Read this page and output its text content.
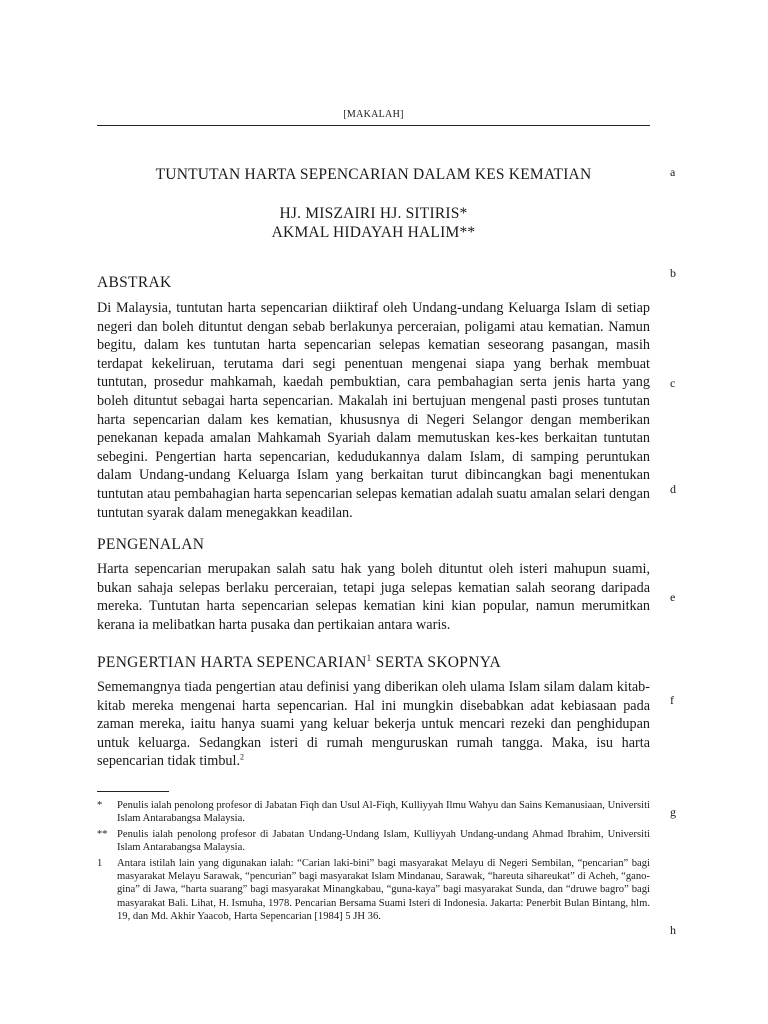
[MAKALAH]
TUNTUTAN HARTA SEPENCARIAN DALAM KES KEMATIAN
HJ. MISZAIRI HJ. SITIRIS*
AKMAL HIDAYAH HALIM**
ABSTRAK

Di Malaysia, tuntutan harta sepencarian diiktiraf oleh Undang-undang Keluarga Islam di setiap negeri dan boleh dituntut dengan sebab berlakunya perceraian, poligami atau kematian. Namun begitu, dalam kes tuntutan harta sepencarian selepas kematian seseorang pasangan, masih terdapat kekeliruan, terutama dari segi penentuan mengenai siapa yang berhak membuat tuntutan, prosedur mahkamah, kaedah pembuktian, cara pembahagian serta jenis harta yang boleh dituntut sebagai harta sepencarian. Makalah ini bertujuan mengenal pasti proses tuntutan harta sepencarian dalam kes kematian, khususnya di Negeri Selangor dengan memberikan penekanan kepada amalan Mahkamah Syariah dalam memutuskan kes-kes berkaitan tuntutan sebegini. Pengertian harta sepencarian, kedudukannya dalam Islam, di samping peruntukan dalam Undang-undang Keluarga Islam yang berkaitan turut dibincangkan bagi menentukan tuntutan atau pembahagian harta sepencarian selepas kematian adalah suatu amalan selari dengan tuntutan syarak dalam menegakkan keadilan.

PENGENALAN

Harta sepencarian merupakan salah satu hak yang boleh dituntut oleh isteri mahupun suami, bukan sahaja selepas berlaku perceraian, tetapi juga selepas kematian salah seorang daripada mereka. Tuntutan harta sepencarian selepas kematian kini kian popular, namun merumitkan kerana ia melibatkan harta pusaka dan pertikaian antara waris.

PENGERTIAN HARTA SEPENCARIAN$^1$ SERTA SKOPNYA

Sememangnya tiada pengertian atau definisi yang diberikan oleh ulama Islam silam dalam kitab-kitab mereka mengenai harta sepencarian. Hal ini mungkin disebabkan adat kebiasaan pada zaman mereka, iaitu hanya suami yang keluar bekerja untuk mencari rezeki dan penghidupan untuk keluarga. Sedangkan isteri di rumah menguruskan rumah tangga. Maka, isu harta sepencarian tidak timbul.$^2$

* Penulis ialah penolong profesor di Jabatan Fiqh dan Usul Al-Fiqh, Kulliyyah Ilmu Wahyu dan Sains Kemanusiaan, Universiti Islam Antarabangsa Malaysia.

** Penulis ialah penolong profesor di Jabatan Undang-Undang Islam, Kulliyyah Undang-undang Ahmad Ibrahim, Universiti Islam Antarabangsa Malaysia.

1 Antara istilah lain yang digunakan ialah: “Carian laki-bini” bagi masyarakat Melayu di Negeri Sembilan, “pencarian” bagi masyarakat Melayu Sarawak, “pencurian” bagi masyarakat Islam Mindanau, Sarawak, “hareuta sihareukat” di Acheh, “gano-gina” di Jawa, “harta suarang” bagi masyarakat Minangkabau, “guna-kaya” bagi masyarakat Sunda, dan “druwe bagro” bagi masyarakat Bali. Lihat, H. Ismuha, 1978. Pencarian Bersama Suami Isteri di Indonesia. Jakarta: Penerbit Bulan Bintang, hlm. 19, dan Md. Akhir Yaacob, Harta Sepencarian [1984] 5 JH 36.

a
b
c
d
e
f
g
h
